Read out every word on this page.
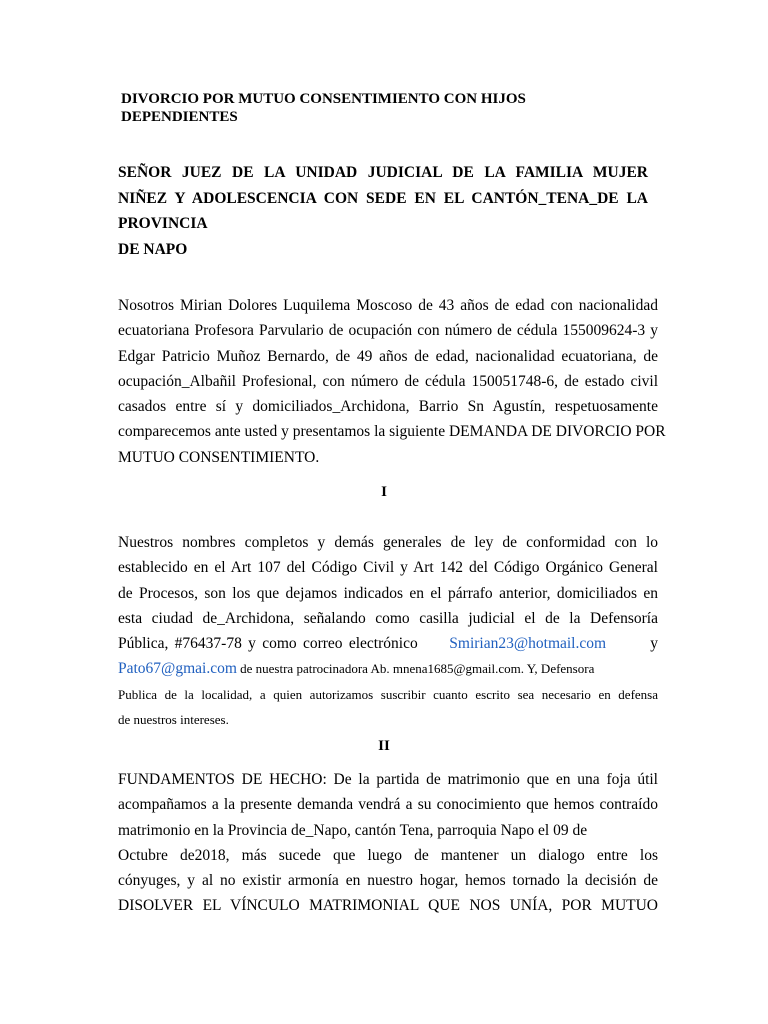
DIVORCIO POR MUTUO CONSENTIMIENTO CON HIJOS
DEPENDIENTES

SEÑOR JUEZ DE LA UNIDAD JUDICIAL DE LA FAMILIA MUJER
NIÑEZ Y ADOLESCENCIA CON SEDE EN EL CANTÓN_TENA_DE LA
PROVINCIA
DE NAPO

Nosotros Mirian Dolores Luquilema Moscoso de 43 años de edad con nacionalidad
ecuatoriana Profesora Parvulario de ocupación con número de cédula 155009624-3 y
Edgar Patricio Muñoz Bernardo, de 49 años de edad, nacionalidad ecuatoriana, de
ocupación_Albañil Profesional, con número de cédula 150051748-6, de estado civil
casados entre sí y domiciliados_Archidona, Barrio Sn Agustín, respetuosamente
comparecemos ante usted y presentamos la siguiente DEMANDA DE DIVORCIO POR
MUTUO CONSENTIMIENTO.

I

Nuestros nombres completos y demás generales de ley de conformidad con lo
establecido en el Art 107 del Código Civil y Art 142 del Código Orgánico General
de Procesos, son los que dejamos indicados en el párrafo anterior, domiciliados en
esta ciudad de_Archidona, señalando como casilla judicial el de la Defensoría
Pública, #76437-78 y como correo electrónico Smirian23@hotmail.com	y
Pato67@gmai.com de nuestra patrocinadora Ab. mnena1685@gmail.com. Y, Defensora
Publica de la localidad, a quien autorizamos suscribir cuanto escrito sea necesario en defensa
de nuestros intereses.

II

FUNDAMENTOS DE HECHO: De la partida de matrimonio que en una foja útil
acompañamos a la presente demanda vendrá a su conocimiento que hemos contraído
matrimonio en la Provincia de_Napo, cantón Tena, parroquia Napo el 09 de
Octubre de2018, más sucede que luego de mantener un dialogo entre los
cónyuges, y al no existir armonía en nuestro hogar, hemos tornado la decisión de
DISOLVER EL VÍNCULO MATRIMONIAL QUE NOS UNÍA, POR MUTUO
